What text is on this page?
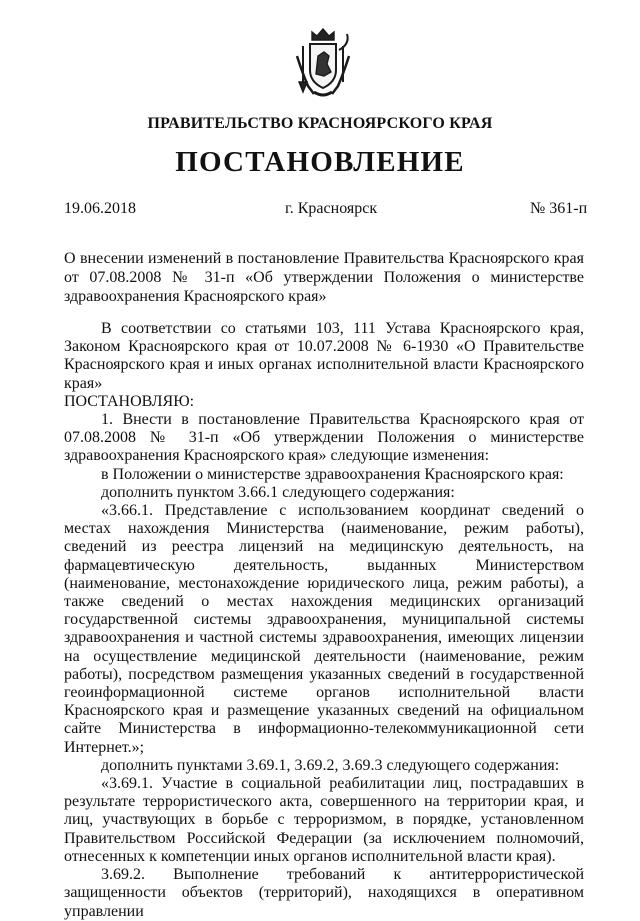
ПРАВИТЕЛЬСТВО КРАСНОЯРСКОГО КРАЯ
ПОСТАНОВЛЕНИЕ
19.06.2018	г. Красноярск	№ 361-п
О внесении изменений в постановление Правительства Красноярского края от 07.08.2008 № 31-п «Об утверждении Положения о министерстве здравоохранения Красноярского края»

В соответствии со статьями 103, 111 Устава Красноярского края, Законом Красноярского края от 10.07.2008 № 6-1930 «О Правительстве Красноярского края и иных органах исполнительной власти Красноярского края»

ПОСТАНОВЛЯЮ:

1. Внести в постановление Правительства Красноярского края от 07.08.2008 № 31-п «Об утверждении Положения о министерстве здравоохранения Красноярского края» следующие изменения:

в Положении о министерстве здравоохранения Красноярского края:

дополнить пунктом 3.66.1 следующего содержания:

«3.66.1. Представление с использованием координат сведений о местах нахождения Министерства (наименование, режим работы), сведений из реестра лицензий на медицинскую деятельность, на фармацевтическую деятельность, выданных Министерством (наименование, местонахождение юридического лица, режим работы), а также сведений о местах нахождения медицинских организаций государственной системы здравоохранения, муниципальной системы здравоохранения и частной системы здравоохранения, имеющих лицензии на осуществление медицинской деятельности (наименование, режим работы), посредством размещения указанных сведений в государственной геоинформационной системе органов исполнительной власти Красноярского края и размещение указанных сведений на официальном сайте Министерства в информационно-телекоммуникационной сети Интернет.»;

дополнить пунктами 3.69.1, 3.69.2, 3.69.3 следующего содержания:

«3.69.1. Участие в социальной реабилитации лиц, пострадавших в результате террористического акта, совершенного на территории края, и лиц, участвующих в борьбе с терроризмом, в порядке, установленном Правительством Российской Федерации (за исключением полномочий, отнесенных к компетенции иных органов исполнительной власти края).

3.69.2. Выполнение требований к антитеррористической защищенности объектов (территорий), находящихся в оперативном управлении
